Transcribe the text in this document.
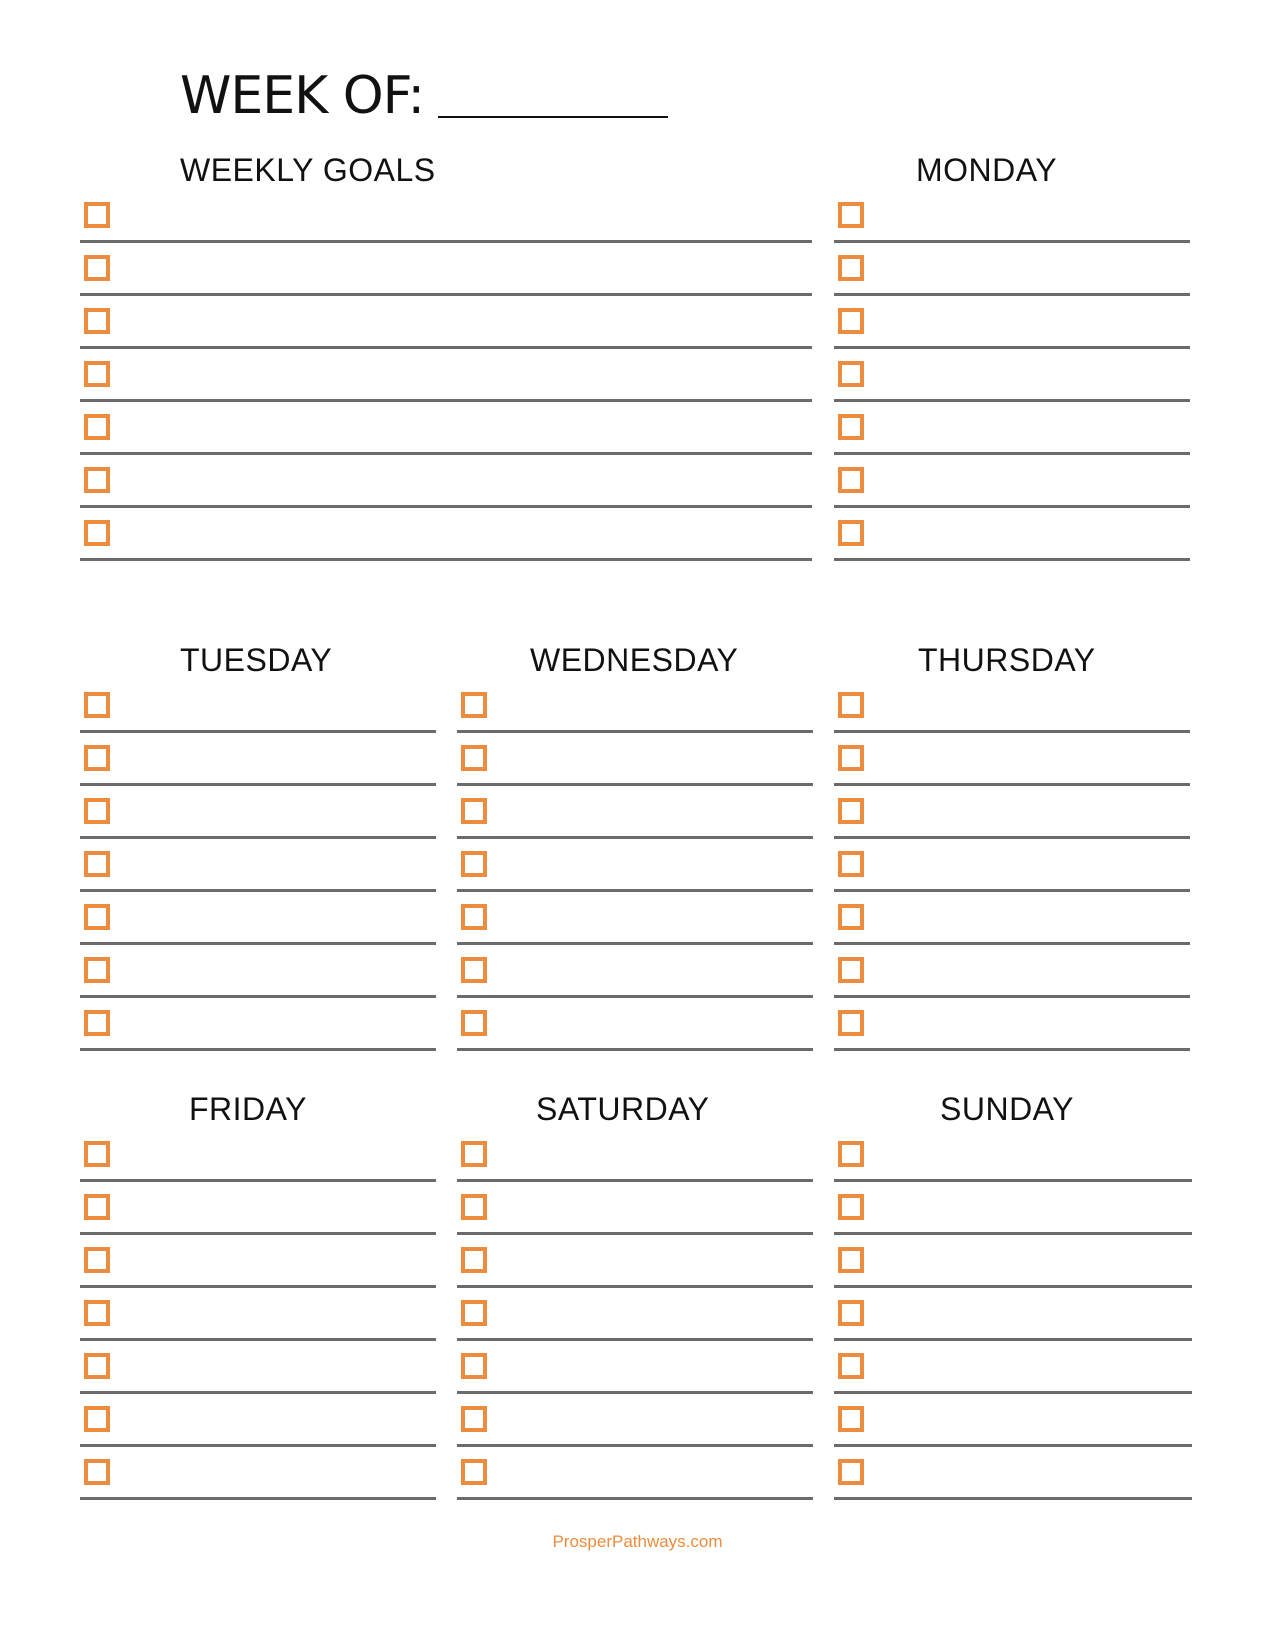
WEEK OF:
WEEKLY GOALS	MONDAY
TUESDAY	WEDNESDAY	THURSDAY
FRIDAY	SATURDAY	SUNDAY
ProsperPathways.com
